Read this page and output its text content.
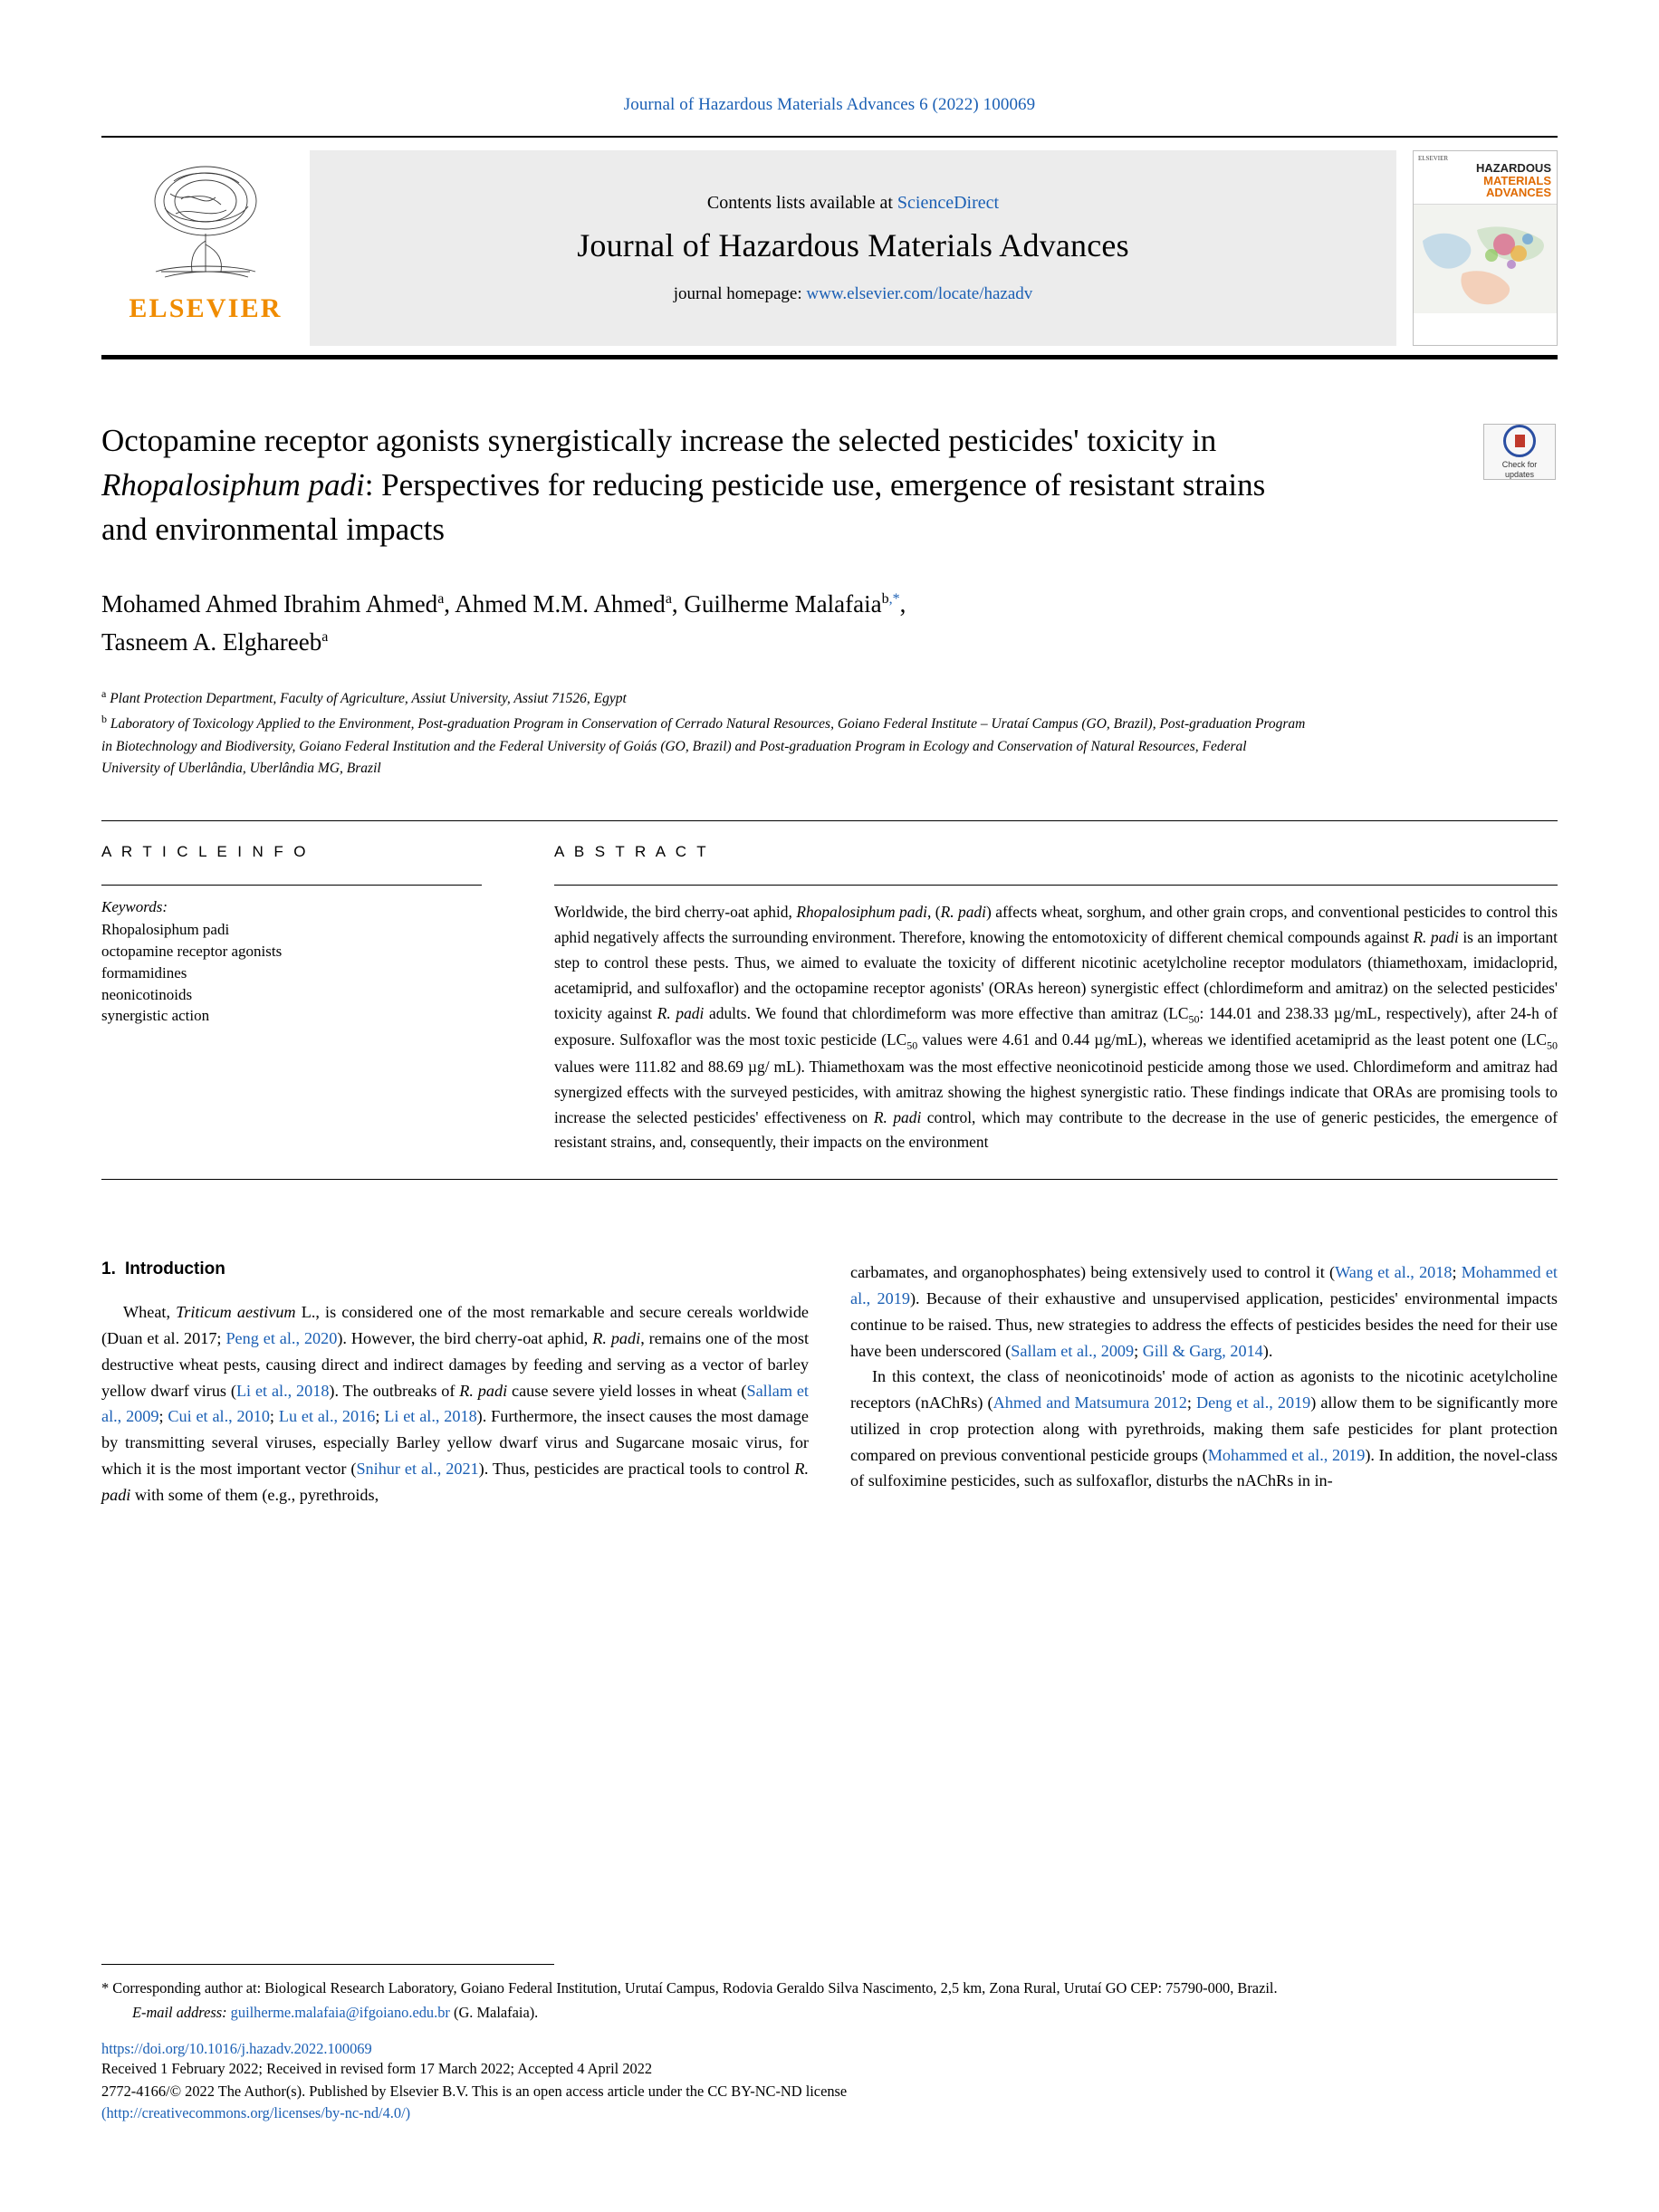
Journal of Hazardous Materials Advances 6 (2022) 100069
ELSEVIER
Contents lists available at ScienceDirect
Journal of Hazardous Materials Advances
journal homepage: www.elsevier.com/locate/hazadv
ELSEVIER
HAZARDOUS
MATERIALS
ADVANCES
Octopamine receptor agonists synergistically increase the selected pesticides' toxicity in Rhopalosiphum padi: Perspectives for reducing pesticide use, emergence of resistant strains and environmental impacts
Check for
updates
Mohamed Ahmed Ibrahim Ahmed$^a$, Ahmed M.M. Ahmed$^a$, Guilherme Malafaia$^{b,*}$,
Tasneem A. Elghareeb$^a$
$^a$ Plant Protection Department, Faculty of Agriculture, Assiut University, Assiut 71526, Egypt
$^b$ Laboratory of Toxicology Applied to the Environment, Post-graduation Program in Conservation of Cerrado Natural Resources, Goiano Federal Institute – Urataí Campus (GO, Brazil), Post-graduation Program in Biotechnology and Biodiversity, Goiano Federal Institution and the Federal University of Goiás (GO, Brazil) and Post-graduation Program in Ecology and Conservation of Natural Resources, Federal University of Uberlândia, Uberlândia MG, Brazil
A R T I C L E I N F O
Keywords:
Rhopalosiphum padi
octopamine receptor agonists
formamidines
neonicotinoids
synergistic action
A B S T R A C T
Worldwide, the bird cherry-oat aphid, Rhopalosiphum padi, (R. padi) affects wheat, sorghum, and other grain crops, and conventional pesticides to control this aphid negatively affects the surrounding environment. Therefore, knowing the entomotoxicity of different chemical compounds against R. padi is an important step to control these pests. Thus, we aimed to evaluate the toxicity of different nicotinic acetylcholine receptor modulators (thiamethoxam, imidacloprid, acetamiprid, and sulfoxaflor) and the octopamine receptor agonists' (ORAs hereon) synergistic effect (chlordimeform and amitraz) on the selected pesticides' toxicity against R. padi adults. We found that chlordimeform was more effective than amitraz ($LC_{50}$: 144.01 and 238.33 µg/mL, respectively), after 24-h of exposure. Sulfoxaflor was the most toxic pesticide ($LC_{50}$ values were 4.61 and 0.44 µg/mL), whereas we identified acetamiprid as the least potent one ($LC_{50}$ values were 111.82 and 88.69 µg/ mL). Thiamethoxam was the most effective neonicotinoid pesticide among those we used. Chlordimeform and amitraz had synergized effects with the surveyed pesticides, with amitraz showing the highest synergistic ratio. These findings indicate that ORAs are promising tools to increase the selected pesticides' effectiveness on R. padi control, which may contribute to the decrease in the use of generic pesticides, the emergence of resistant strains, and, consequently, their impacts on the environment
1. Introduction

Wheat, Triticum aestivum L., is considered one of the most remarkable and secure cereals worldwide (Duan et al. 2017; Peng et al., 2020). However, the bird cherry-oat aphid, R. padi, remains one of the most destructive wheat pests, causing direct and indirect damages by feeding and serving as a vector of barley yellow dwarf virus (Li et al., 2018). The outbreaks of R. padi cause severe yield losses in wheat (Sallam et al., 2009; Cui et al., 2010; Lu et al., 2016; Li et al., 2018). Furthermore, the insect causes the most damage by transmitting several viruses, especially Barley yellow dwarf virus and Sugarcane mosaic virus, for which it is the most important vector (Snihur et al., 2021). Thus, pesticides are practical tools to control R. padi with some of them (e.g., pyrethroids,

carbamates, and organophosphates) being extensively used to control it (Wang et al., 2018; Mohammed et al., 2019). Because of their exhaustive and unsupervised application, pesticides' environmental impacts continue to be raised. Thus, new strategies to address the effects of pesticides besides the need for their use have been underscored (Sallam et al., 2009; Gill & Garg, 2014).

In this context, the class of neonicotinoids' mode of action as agonists to the nicotinic acetylcholine receptors (nAChRs) (Ahmed and Matsumura 2012; Deng et al., 2019) allow them to be significantly more utilized in crop protection along with pyrethroids, making them safe pesticides for plant protection compared on previous conventional pesticide groups (Mohammed et al., 2019). In addition, the novel-class of sulfoximine pesticides, such as sulfoxaflor, disturbs the nAChRs in in-

* Corresponding author at: Biological Research Laboratory, Goiano Federal Institution, Urutaí Campus, Rodovia Geraldo Silva Nascimento, 2,5 km, Zona Rural, Urutaí GO CEP: 75790-000, Brazil.
E-mail address: guilherme.malafaia@ifgoiano.edu.br (G. Malafaia).
https://doi.org/10.1016/j.hazadv.2022.100069
Received 1 February 2022; Received in revised form 17 March 2022; Accepted 4 April 2022
2772-4166/© 2022 The Author(s). Published by Elsevier B.V. This is an open access article under the CC BY-NC-ND license
(http://creativecommons.org/licenses/by-nc-nd/4.0/)
